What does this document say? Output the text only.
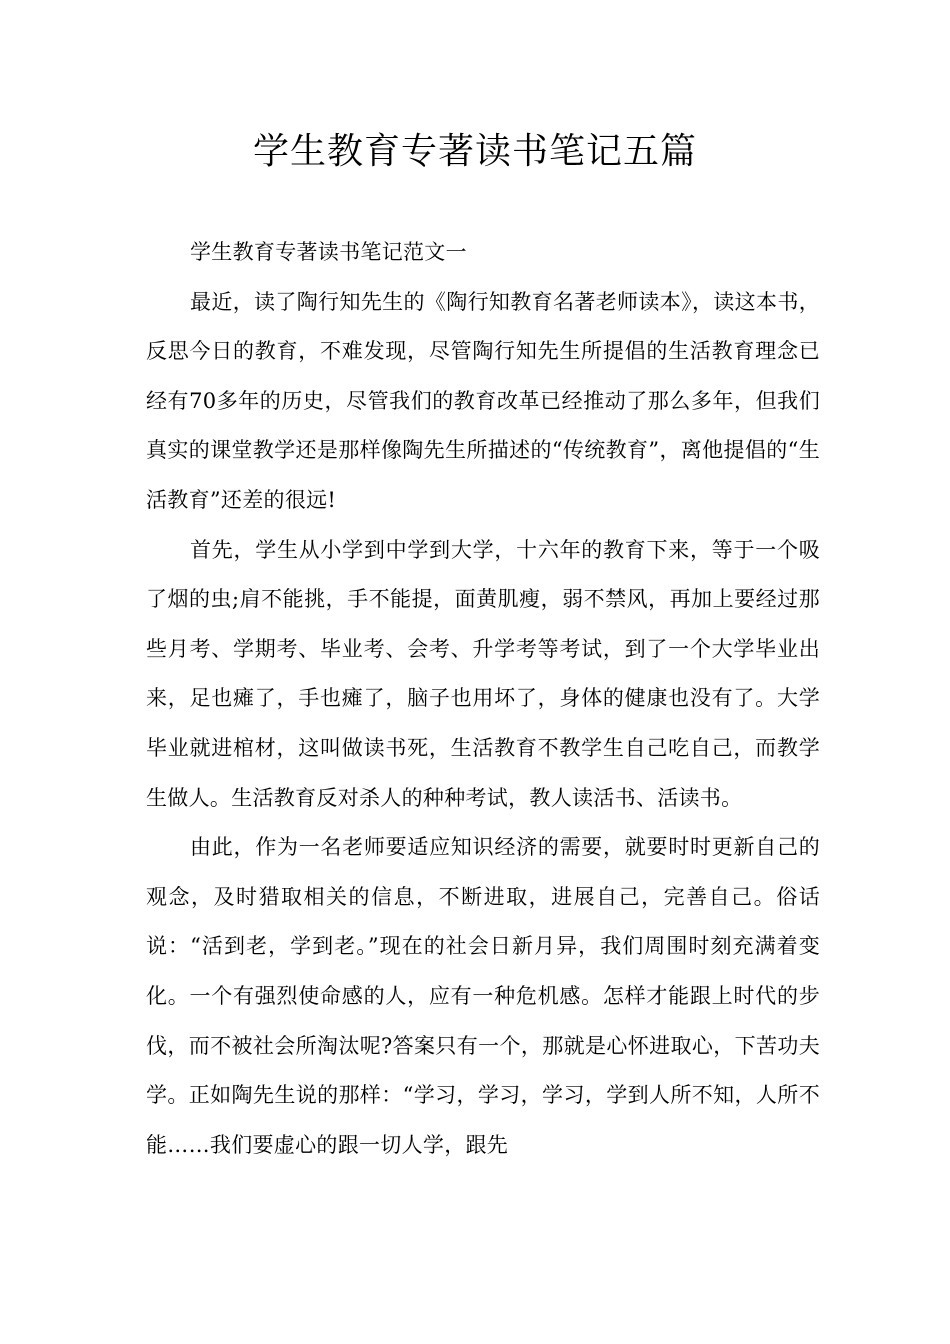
学生教育专著读书笔记五篇

学生教育专著读书笔记范文一

最近，读了陶行知先生的《陶行知教育名著老师读本》，读这本书，反思今日的教育，不难发现，尽管陶行知先生所提倡的生活教育理念已经有70多年的历史，尽管我们的教育改革已经推动了那么多年，但我们真实的课堂教学还是那样像陶先生所描述的“传统教育”，离他提倡的“生活教育”还差的很远!

首先，学生从小学到中学到大学，十六年的教育下来，等于一个吸了烟的虫;肩不能挑，手不能提，面黄肌瘦，弱不禁风，再加上要经过那些月考、学期考、毕业考、会考、升学考等考试，到了一个大学毕业出来，足也瘫了，手也瘫了，脑子也用坏了，身体的健康也没有了。大学毕业就进棺材，这叫做读书死，生活教育不教学生自己吃自己，而教学生做人。生活教育反对杀人的种种考试，教人读活书、活读书。

由此，作为一名老师要适应知识经济的需要，就要时时更新自己的观念，及时猎取相关的信息，不断进取，进展自己，完善自己。俗话说：“活到老，学到老。”现在的社会日新月异，我们周围时刻充满着变化。一个有强烈使命感的人，应有一种危机感。怎样才能跟上时代的步伐，而不被社会所淘汰呢?答案只有一个，那就是心怀进取心，下苦功夫学。正如陶先生说的那样：“学习，学习，学习，学到人所不知，人所不能……我们要虚心的跟一切人学，跟先
